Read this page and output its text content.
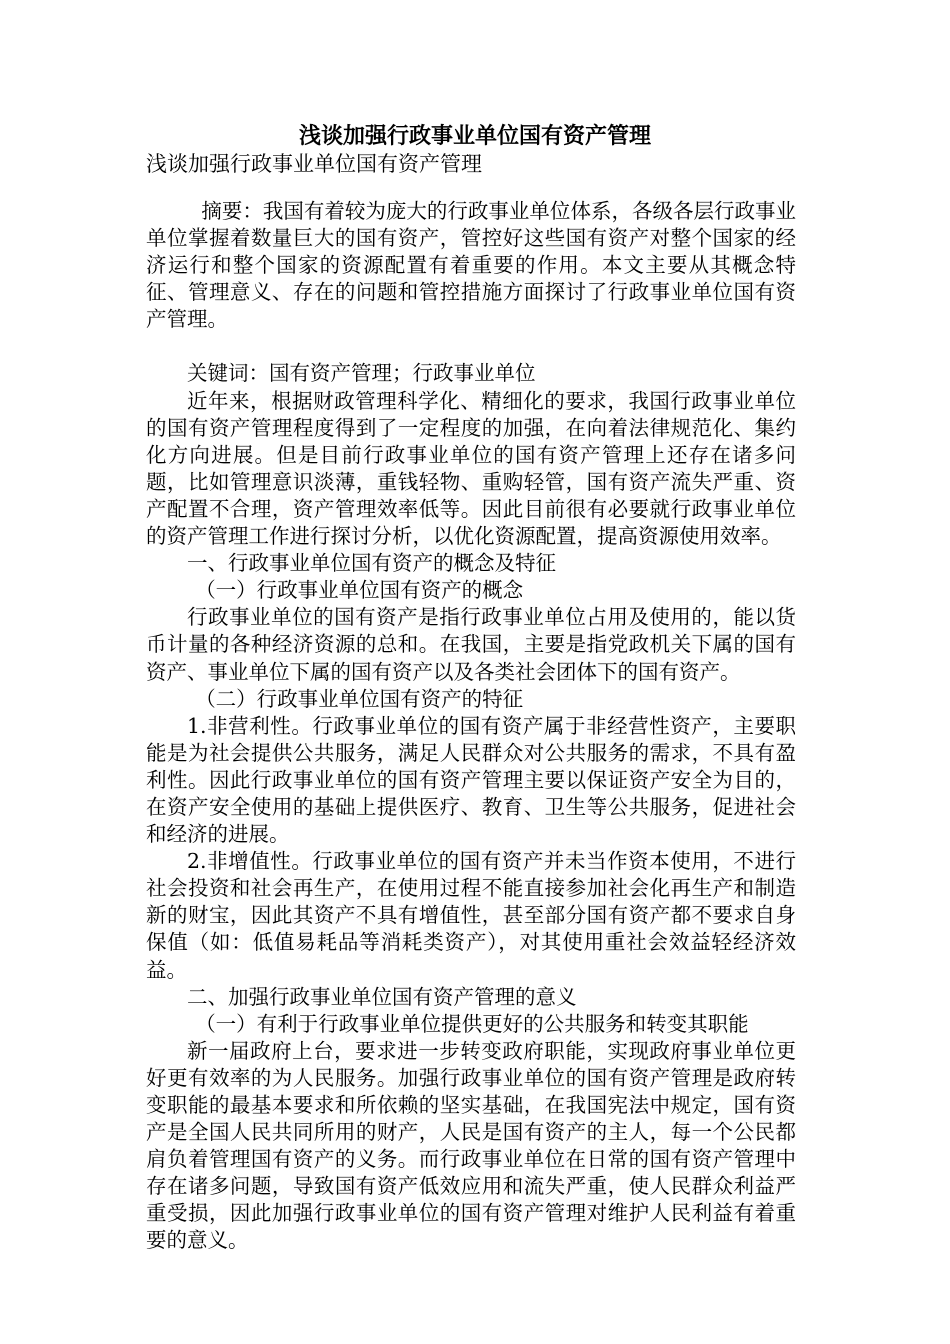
浅谈加强行政事业单位国有资产管理

浅谈加强行政事业单位国有资产管理

摘要：我国有着较为庞大的行政事业单位体系，各级各层行政事业单位掌握着数量巨大的国有资产，管控好这些国有资产对整个国家的经济运行和整个国家的资源配置有着重要的作用。本文主要从其概念特征、管理意义、存在的问题和管控措施方面探讨了行政事业单位国有资产管理。

关键词：国有资产管理；行政事业单位

近年来，根据财政管理科学化、精细化的要求，我国行政事业单位的国有资产管理程度得到了一定程度的加强，在向着法律规范化、集约化方向进展。但是目前行政事业单位的国有资产管理上还存在诸多问题，比如管理意识淡薄，重钱轻物、重购轻管，国有资产流失严重、资产配置不合理，资产管理效率低等。因此目前很有必要就行政事业单位的资产管理工作进行探讨分析，以优化资源配置，提高资源使用效率。

一、行政事业单位国有资产的概念及特征

（一）行政事业单位国有资产的概念

行政事业单位的国有资产是指行政事业单位占用及使用的，能以货币计量的各种经济资源的总和。在我国，主要是指党政机关下属的国有资产、事业单位下属的国有资产以及各类社会团体下的国有资产。

（二）行政事业单位国有资产的特征

1.非营利性。行政事业单位的国有资产属于非经营性资产，主要职能是为社会提供公共服务，满足人民群众对公共服务的需求，不具有盈利性。因此行政事业单位的国有资产管理主要以保证资产安全为目的，在资产安全使用的基础上提供医疗、教育、卫生等公共服务，促进社会和经济的进展。

2.非增值性。行政事业单位的国有资产并未当作资本使用，不进行社会投资和社会再生产，在使用过程不能直接参加社会化再生产和制造新的财宝，因此其资产不具有增值性，甚至部分国有资产都不要求自身保值（如：低值易耗品等消耗类资产），对其使用重社会效益轻经济效益。

二、加强行政事业单位国有资产管理的意义

（一）有利于行政事业单位提供更好的公共服务和转变其职能

新一届政府上台，要求进一步转变政府职能，实现政府事业单位更好更有效率的为人民服务。加强行政事业单位的国有资产管理是政府转变职能的最基本要求和所依赖的坚实基础，在我国宪法中规定，国有资产是全国人民共同所用的财产，人民是国有资产的主人，每一个公民都肩负着管理国有资产的义务。而行政事业单位在日常的国有资产管理中存在诸多问题，导致国有资产低效应用和流失严重，使人民群众利益严重受损，因此加强行政事业单位的国有资产管理对维护人民利益有着重要的意义。
